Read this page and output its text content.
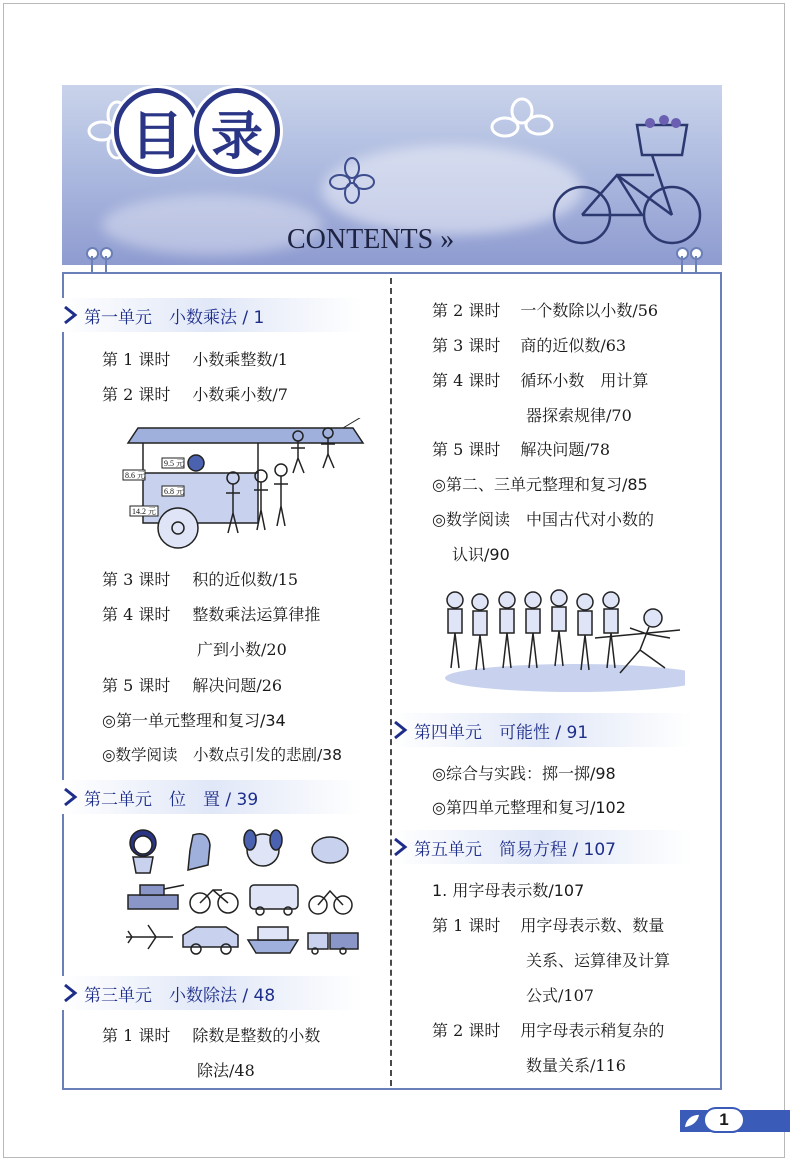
目 录
CONTENTS »
第一单元　小数乘法 / 1
第 1 课时 小数乘整数/1
第 2 课时 小数乘小数/7
8.6 元
9.5 元
6.8 元
14.2 元
第 3 课时 积的近似数/15
第 4 课时 整数乘法运算律推
广到小数/20
第 5 课时 解决问题/26
◎第一单元整理和复习/34
◎数学阅读　小数点引发的悲剧/38
第二单元　位　置 / 39
第三单元　小数除法 / 48
第 1 课时 除数是整数的小数
除法/48
第 2 课时 一个数除以小数/56
第 3 课时 商的近似数/63
第 4 课时 循环小数　用计算
器探索规律/70
第 5 课时 解决问题/78
◎第二、三单元整理和复习/85
◎数学阅读　中国古代对小数的
认识/90
第四单元　可能性 / 91
◎综合与实践：掷一掷/98
◎第四单元整理和复习/102
第五单元　简易方程 / 107
1. 用字母表示数/107
第 1 课时 用字母表示数、数量
关系、运算律及计算
公式/107
第 2 课时 用字母表示稍复杂的
数量关系/116
1
